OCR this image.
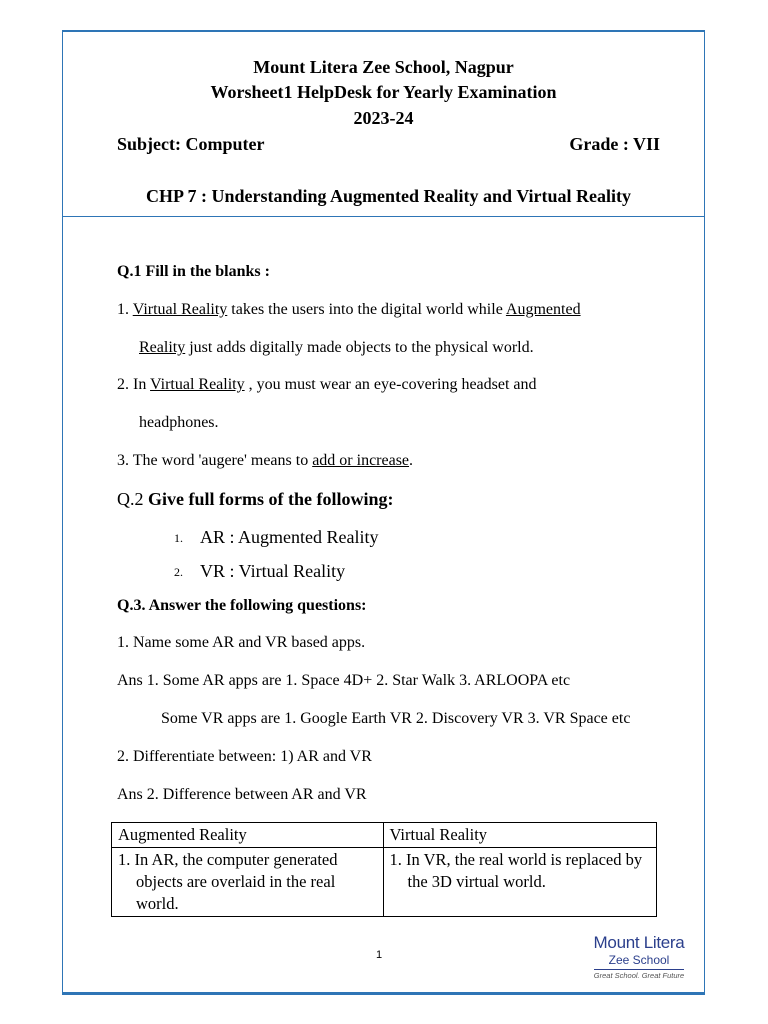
Mount Litera Zee School, Nagpur
Worsheet1 HelpDesk for Yearly Examination
2023-24
Subject: Computer	Grade : VII
CHP 7 : Understanding Augmented Reality and Virtual Reality
Q.1 Fill in the blanks :
1. Virtual Reality takes the users into the digital world while Augmented
Reality just adds digitally made objects to the physical world.
2. In Virtual Reality , you must wear an eye-covering headset and
headphones.
3. The word 'augere' means to add or increase.
Q.2 Give full forms of the following:
1. AR : Augmented Reality
2. VR : Virtual Reality
Q.3. Answer the following questions:
1. Name some AR and VR based apps.
Ans 1. Some AR apps are 1. Space 4D+ 2. Star Walk 3. ARLOOPA etc
Some VR apps are 1. Google Earth VR 2. Discovery VR 3. VR Space etc
2. Differentiate between: 1) AR and VR
Ans 2. Difference between AR and VR
Augmented Reality	Virtual Reality

1. In AR, the computer generated objects are overlaid in the real world.	1. In VR, the real world is replaced by the 3D virtual world.
1
Mount Litera
Zee School
Great School. Great Future
